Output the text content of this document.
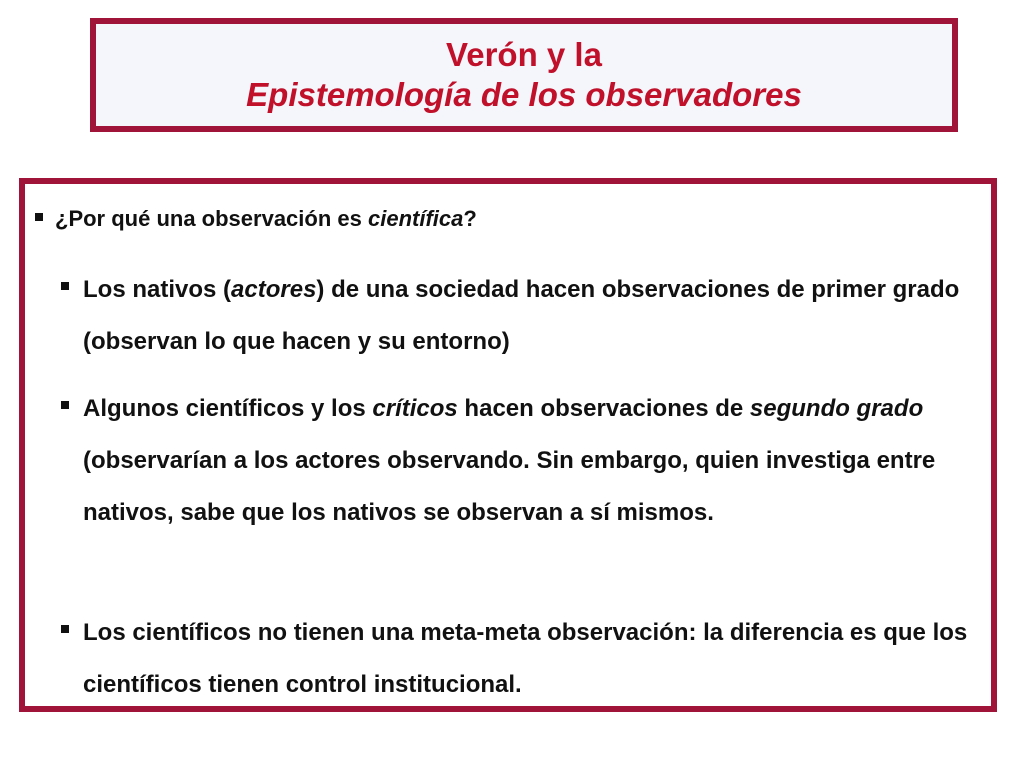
Verón y la
Epistemología de los observadores
¿Por qué una observación es científica?
Los nativos (actores) de una sociedad hacen observaciones de primer grado (observan lo que hacen y su entorno)
Algunos científicos y los críticos hacen observaciones de segundo grado (observarían a los actores observando. Sin embargo, quien investiga entre nativos, sabe que los nativos se observan a sí mismos.
Los científicos no tienen una meta-meta observación: la diferencia es que los científicos tienen control institucional.
